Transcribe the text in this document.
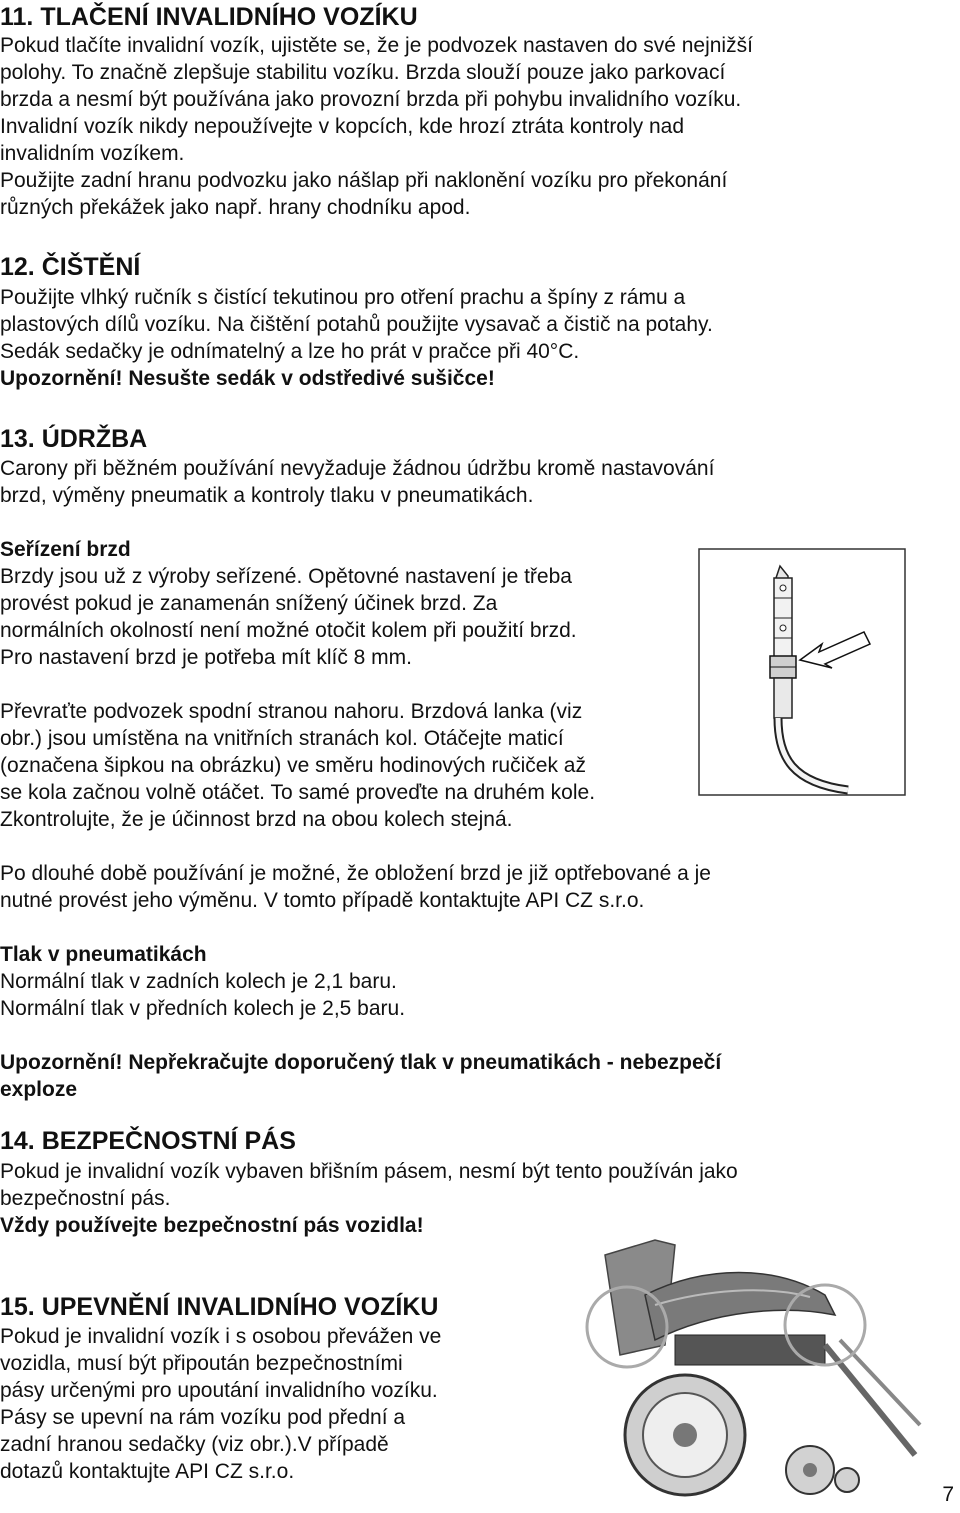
11. TLAČENÍ INVALIDNÍHO VOZÍKU
Pokud tlačíte invalidní vozík, ujistěte se, že je podvozek nastaven do své nejnižší
polohy. To značně zlepšuje stabilitu vozíku. Brzda slouží pouze jako parkovací
brzda a nesmí být používána jako provozní brzda při pohybu invalidního vozíku.
Invalidní vozík nikdy nepoužívejte v kopcích, kde hrozí ztráta kontroly nad
invalidním vozíkem.
Použijte zadní hranu podvozku jako nášlap při naklonění vozíku pro překonání
různých překážek jako např. hrany chodníku apod.
12. ČIŠTĚNÍ
Použijte vlhký ručník s čistící tekutinou pro otření prachu a špíny z rámu a
plastových dílů vozíku. Na čištění potahů použijte vysavač a čistič na potahy.
Sedák sedačky je odnímatelný a lze ho prát v pračce při 40°C.
Upozornění! Nesušte sedák v odstředivé sušičce!
13. ÚDRŽBA
Carony při běžném používání nevyžaduje žádnou údržbu kromě nastavování
brzd, výměny pneumatik a kontroly tlaku v pneumatikách.
Seřízení brzd
Brzdy jsou už z výroby seřízené. Opětovné nastavení je třeba
provést pokud je zanamenán snížený účinek brzd. Za
normálních okolností není možné otočit kolem při použití brzd.
Pro nastavení brzd je potřeba mít klíč 8 mm.
Převraťte podvozek spodní stranou nahoru. Brzdová lanka (viz
obr.) jsou umístěna na vnitřních stranách kol. Otáčejte maticí
(označena šipkou na obrázku) ve směru hodinových ručiček až
se kola začnou volně otáčet. To samé proveďte na druhém kole.
Zkontrolujte, že je účinnost brzd na obou kolech stejná.
Po dlouhé době používání je možné, že obložení brzd je již optřebované a je
nutné provést jeho výměnu. V tomto případě kontaktujte API CZ s.r.o.
Tlak v pneumatikách
Normální tlak v zadních kolech je 2,1 baru.
Normální tlak v předních kolech je 2,5 baru.
Upozornění! Nepřekračujte doporučený tlak v pneumatikách - nebezpečí
exploze
14. BEZPEČNOSTNÍ PÁS
Pokud je invalidní vozík vybaven břišním pásem, nesmí být tento používán jako
bezpečnostní pás.
Vždy používejte bezpečnostní pás vozidla!
15. UPEVNĚNÍ INVALIDNÍHO VOZÍKU
Pokud je invalidní vozík i s osobou převážen ve
vozidla, musí být připoután bezpečnostními
pásy určenými pro upoutání invalidního vozíku.
Pásy se upevní na rám vozíku pod přední a
zadní hranou sedačky (viz obr.).V případě
dotazů kontaktujte API CZ s.r.o.
7
